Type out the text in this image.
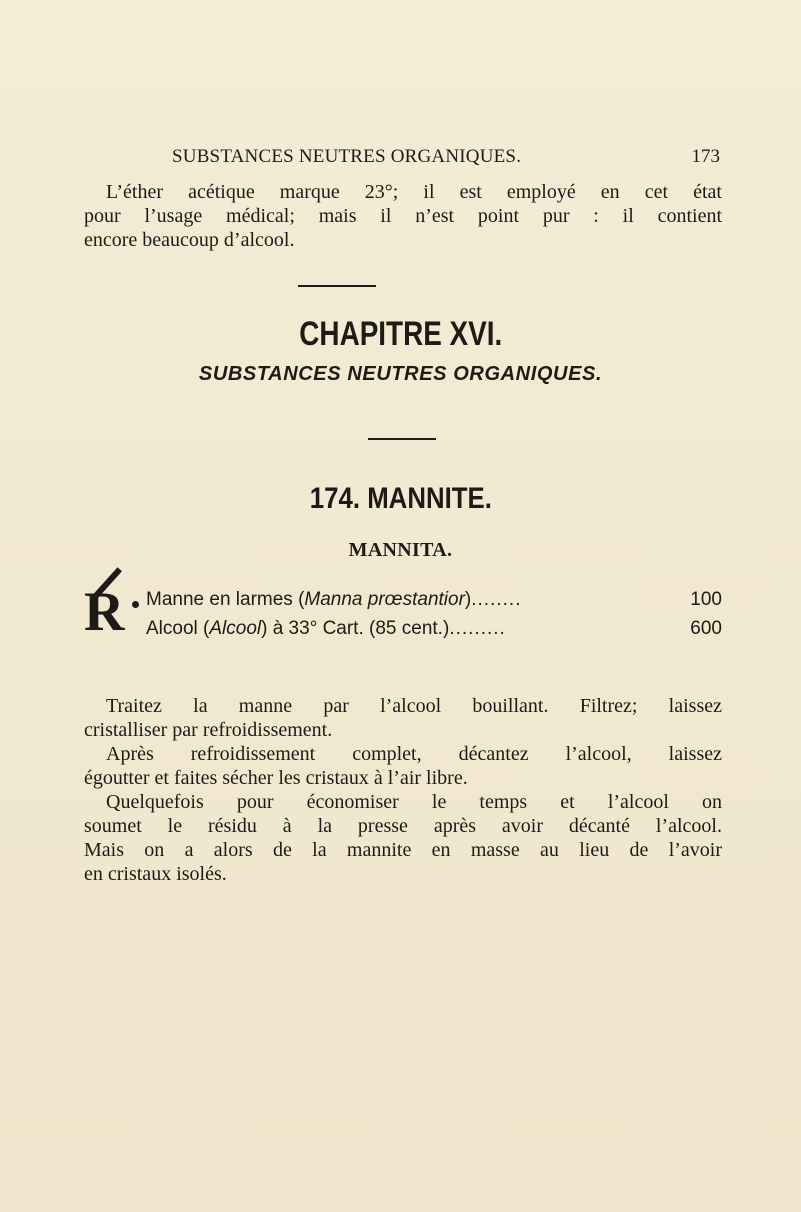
SUBSTANCES NEUTRES ORGANIQUES.	173
L’éther acétique marque 23°; il est employé en cet état
pour l’usage médical; mais il n’est point pur : il contient
encore beaucoup d’alcool.
CHAPITRE XVI.
SUBSTANCES NEUTRES ORGANIQUES.
174. MANNITE.
MANNITA.
R Manne en larmes (Manna prœstantior)........	100
Alcool (Alcool) à 33° Cart. (85 cent.).........	600
Traitez la manne par l’alcool bouillant. Filtrez; laissez
cristalliser par refroidissement.
Après refroidissement complet, décantez l’alcool, laissez
égoutter et faites sécher les cristaux à l’air libre.
Quelquefois pour économiser le temps et l’alcool on
soumet le résidu à la presse après avoir décanté l’alcool.
Mais on a alors de la mannite en masse au lieu de l’avoir
en cristaux isolés.
